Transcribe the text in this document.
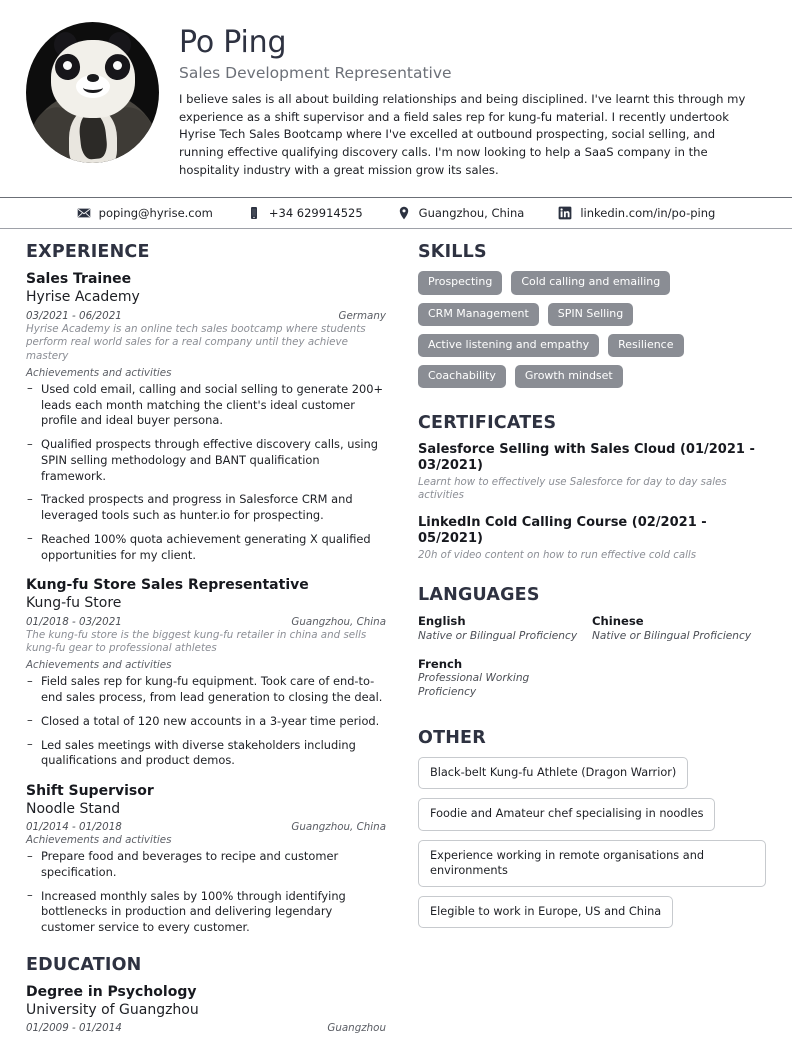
Po Ping
Sales Development Representative

I believe sales is all about building relationships and being disciplined. I've learnt this through my experience as a shift supervisor and a field sales rep for kung-fu material. I recently undertook Hyrise Tech Sales Bootcamp where I've excelled at outbound prospecting, social selling, and running effective qualifying discovery calls. I'm now looking to help a SaaS company in the hospitality industry with a great mission grow its sales.

poping@hyrise.com	+34 629914525	Guangzhou, China	linkedin.com/in/po-ping
EXPERIENCE
Sales Trainee
Hyrise Academy
03/2021 - 06/2021	Germany
Hyrise Academy is an online tech sales bootcamp where students perform real world sales for a real company until they achieve mastery
Achievements and activities
– Used cold email, calling and social selling to generate 200+ leads each month matching the client's ideal customer profile and ideal buyer persona.
– Qualified prospects through effective discovery calls, using SPIN selling methodology and BANT qualification framework.
– Tracked prospects and progress in Salesforce CRM and leveraged tools such as hunter.io for prospecting.
– Reached 100% quota achievement generating X qualified opportunities for my client.
Kung-fu Store Sales Representative
Kung-fu Store
01/2018 - 03/2021	Guangzhou, China
The kung-fu store is the biggest kung-fu retailer in china and sells kung-fu gear to professional athletes
Achievements and activities
– Field sales rep for kung-fu equipment. Took care of end-to-end sales process, from lead generation to closing the deal.
– Closed a total of 120 new accounts in a 3-year time period.
– Led sales meetings with diverse stakeholders including qualifications and product demos.
Shift Supervisor
Noodle Stand
01/2014 - 01/2018	Guangzhou, China
Achievements and activities
– Prepare food and beverages to recipe and customer specification.
– Increased monthly sales by 100% through identifying bottlenecks in production and delivering legendary customer service to every customer.
EDUCATION
Degree in Psychology
University of Guangzhou
01/2009 - 01/2014	Guangzhou
SKILLS
Prospecting	Cold calling and emailing
CRM Management	SPIN Selling
Active listening and empathy	Resilience
Coachability	Growth mindset
CERTIFICATES
Salesforce Selling with Sales Cloud (01/2021 - 03/2021)
Learnt how to effectively use Salesforce for day to day sales activities
LinkedIn Cold Calling Course (02/2021 - 05/2021)
20h of video content on how to run effective cold calls
LANGUAGES
English
Native or Bilingual Proficiency
Chinese
Native or Bilingual Proficiency
French
Professional Working Proficiency
OTHER
Black-belt Kung-fu Athlete (Dragon Warrior) Foodie and Amateur chef specialising in noodles
Experience working in remote organisations and environments
Elegible to work in Europe, US and China
